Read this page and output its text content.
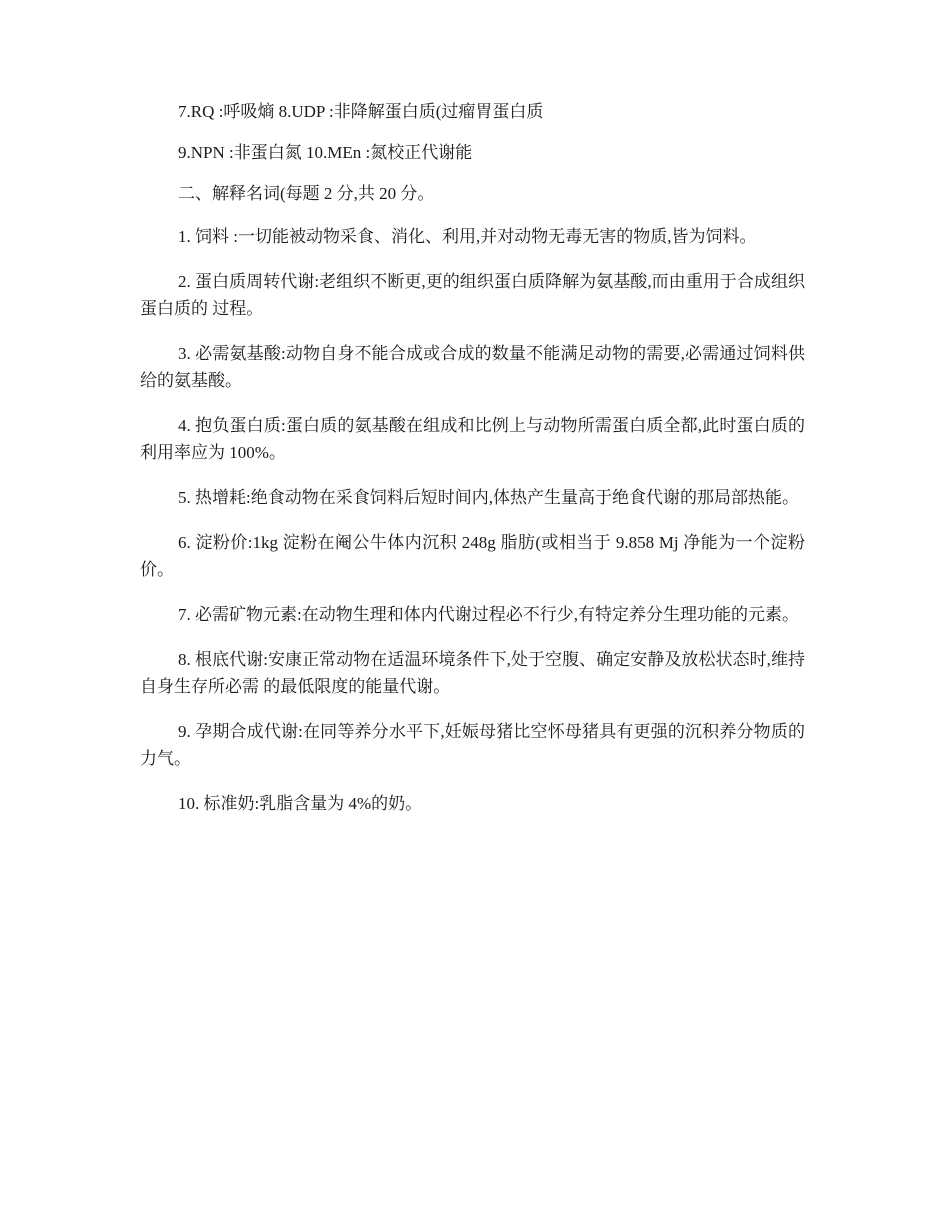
7.RQ :呼吸熵 8.UDP :非降解蛋白质(过瘤胃蛋白质

9.NPN :非蛋白氮 10.MEn :氮校正代谢能

二、解释名词(每题 2 分,共 20 分。

1. 饲料 :一切能被动物采食、消化、利用,并对动物无毒无害的物质,皆为饲料。

2. 蛋白质周转代谢:老组织不断更,更的组织蛋白质降解为氨基酸,而由重用于合成组织蛋白质的 过程。

3. 必需氨基酸:动物自身不能合成或合成的数量不能满足动物的需要,必需通过饲料供给的氨基酸。

4. 抱负蛋白质:蛋白质的氨基酸在组成和比例上与动物所需蛋白质全都,此时蛋白质的利用率应为 100%。

5. 热增耗:绝食动物在采食饲料后短时间内,体热产生量高于绝食代谢的那局部热能。

6. 淀粉价:1kg 淀粉在阉公牛体内沉积 248g 脂肪(或相当于 9.858 Mj 净能为一个淀粉价。

7. 必需矿物元素:在动物生理和体内代谢过程必不行少,有特定养分生理功能的元素。

8. 根底代谢:安康正常动物在适温环境条件下,处于空腹、确定安静及放松状态时,维持自身生存所必需 的最低限度的能量代谢。

9. 孕期合成代谢:在同等养分水平下,妊娠母猪比空怀母猪具有更强的沉积养分物质的力气。

10. 标准奶:乳脂含量为 4%的奶。
